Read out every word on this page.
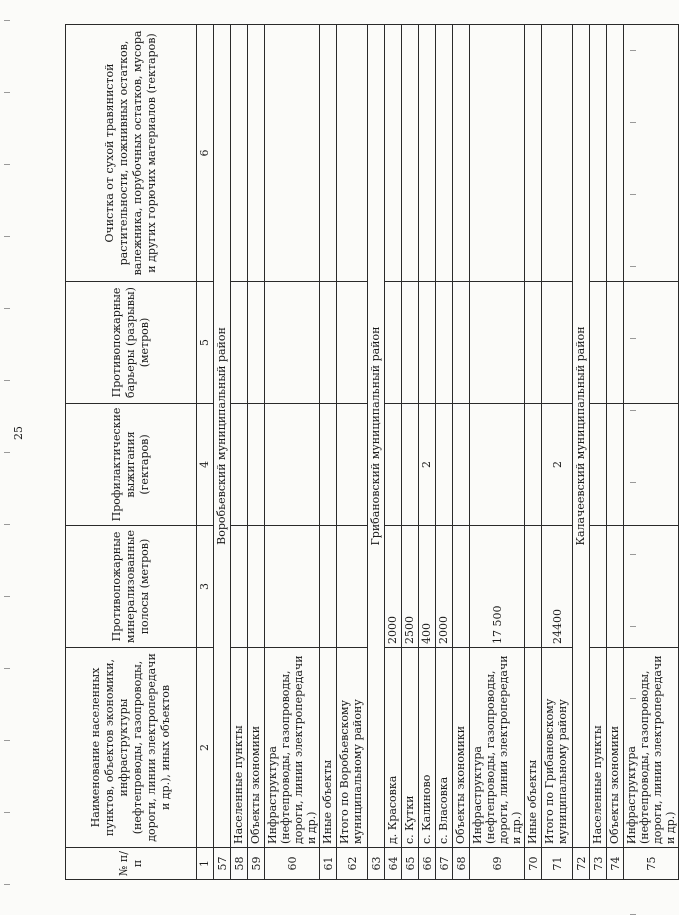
25
№ п/п	Наименование населенных пунктов, объектов экономики, инфраструктуры (нефтепроводы, газопроводы, дороги, линии электропередачи и др.), иных объектов	Противопожарные минерализованные полосы (метров)	Профилактические выжигания (гектаров)	Противопожарные барьеры (разрывы) (метров)	Очистка от сухой травянистой растительности, пожнивных остатков, валежника, порубочных остатков, мусора и других горючих материалов (гектаров)
1	2	3	4	5	6
57	Воробьевский муниципальный район				
58	Населенные пункты				
59	Объекты экономики				
60	Инфраструктура (нефтепроводы, газопроводы, дороги, линии электропередачи и др.)				
61	Иные объекты				
62	Итого по Воробьевскому муниципальному району				
63	Грибановский муниципальный район				
64	д. Красовка	2000			
65	с. Кутки	2500			
66	с. Калиново	400	2		
67	с. Власовка	2000			
68	Объекты экономики				
69	Инфраструктура (нефтепроводы, газопроводы, дороги, линии электропередачи и др.)	17 500			
70	Иные объекты				
71	Итого по Грибановскому муниципальному району	24400	2		
72	Калачеевский муниципальный район				
73	Населенные пункты				
74	Объекты экономики				
75	Инфраструктура (нефтепроводы, газопроводы, дороги, линии электропередачи и др.)				
